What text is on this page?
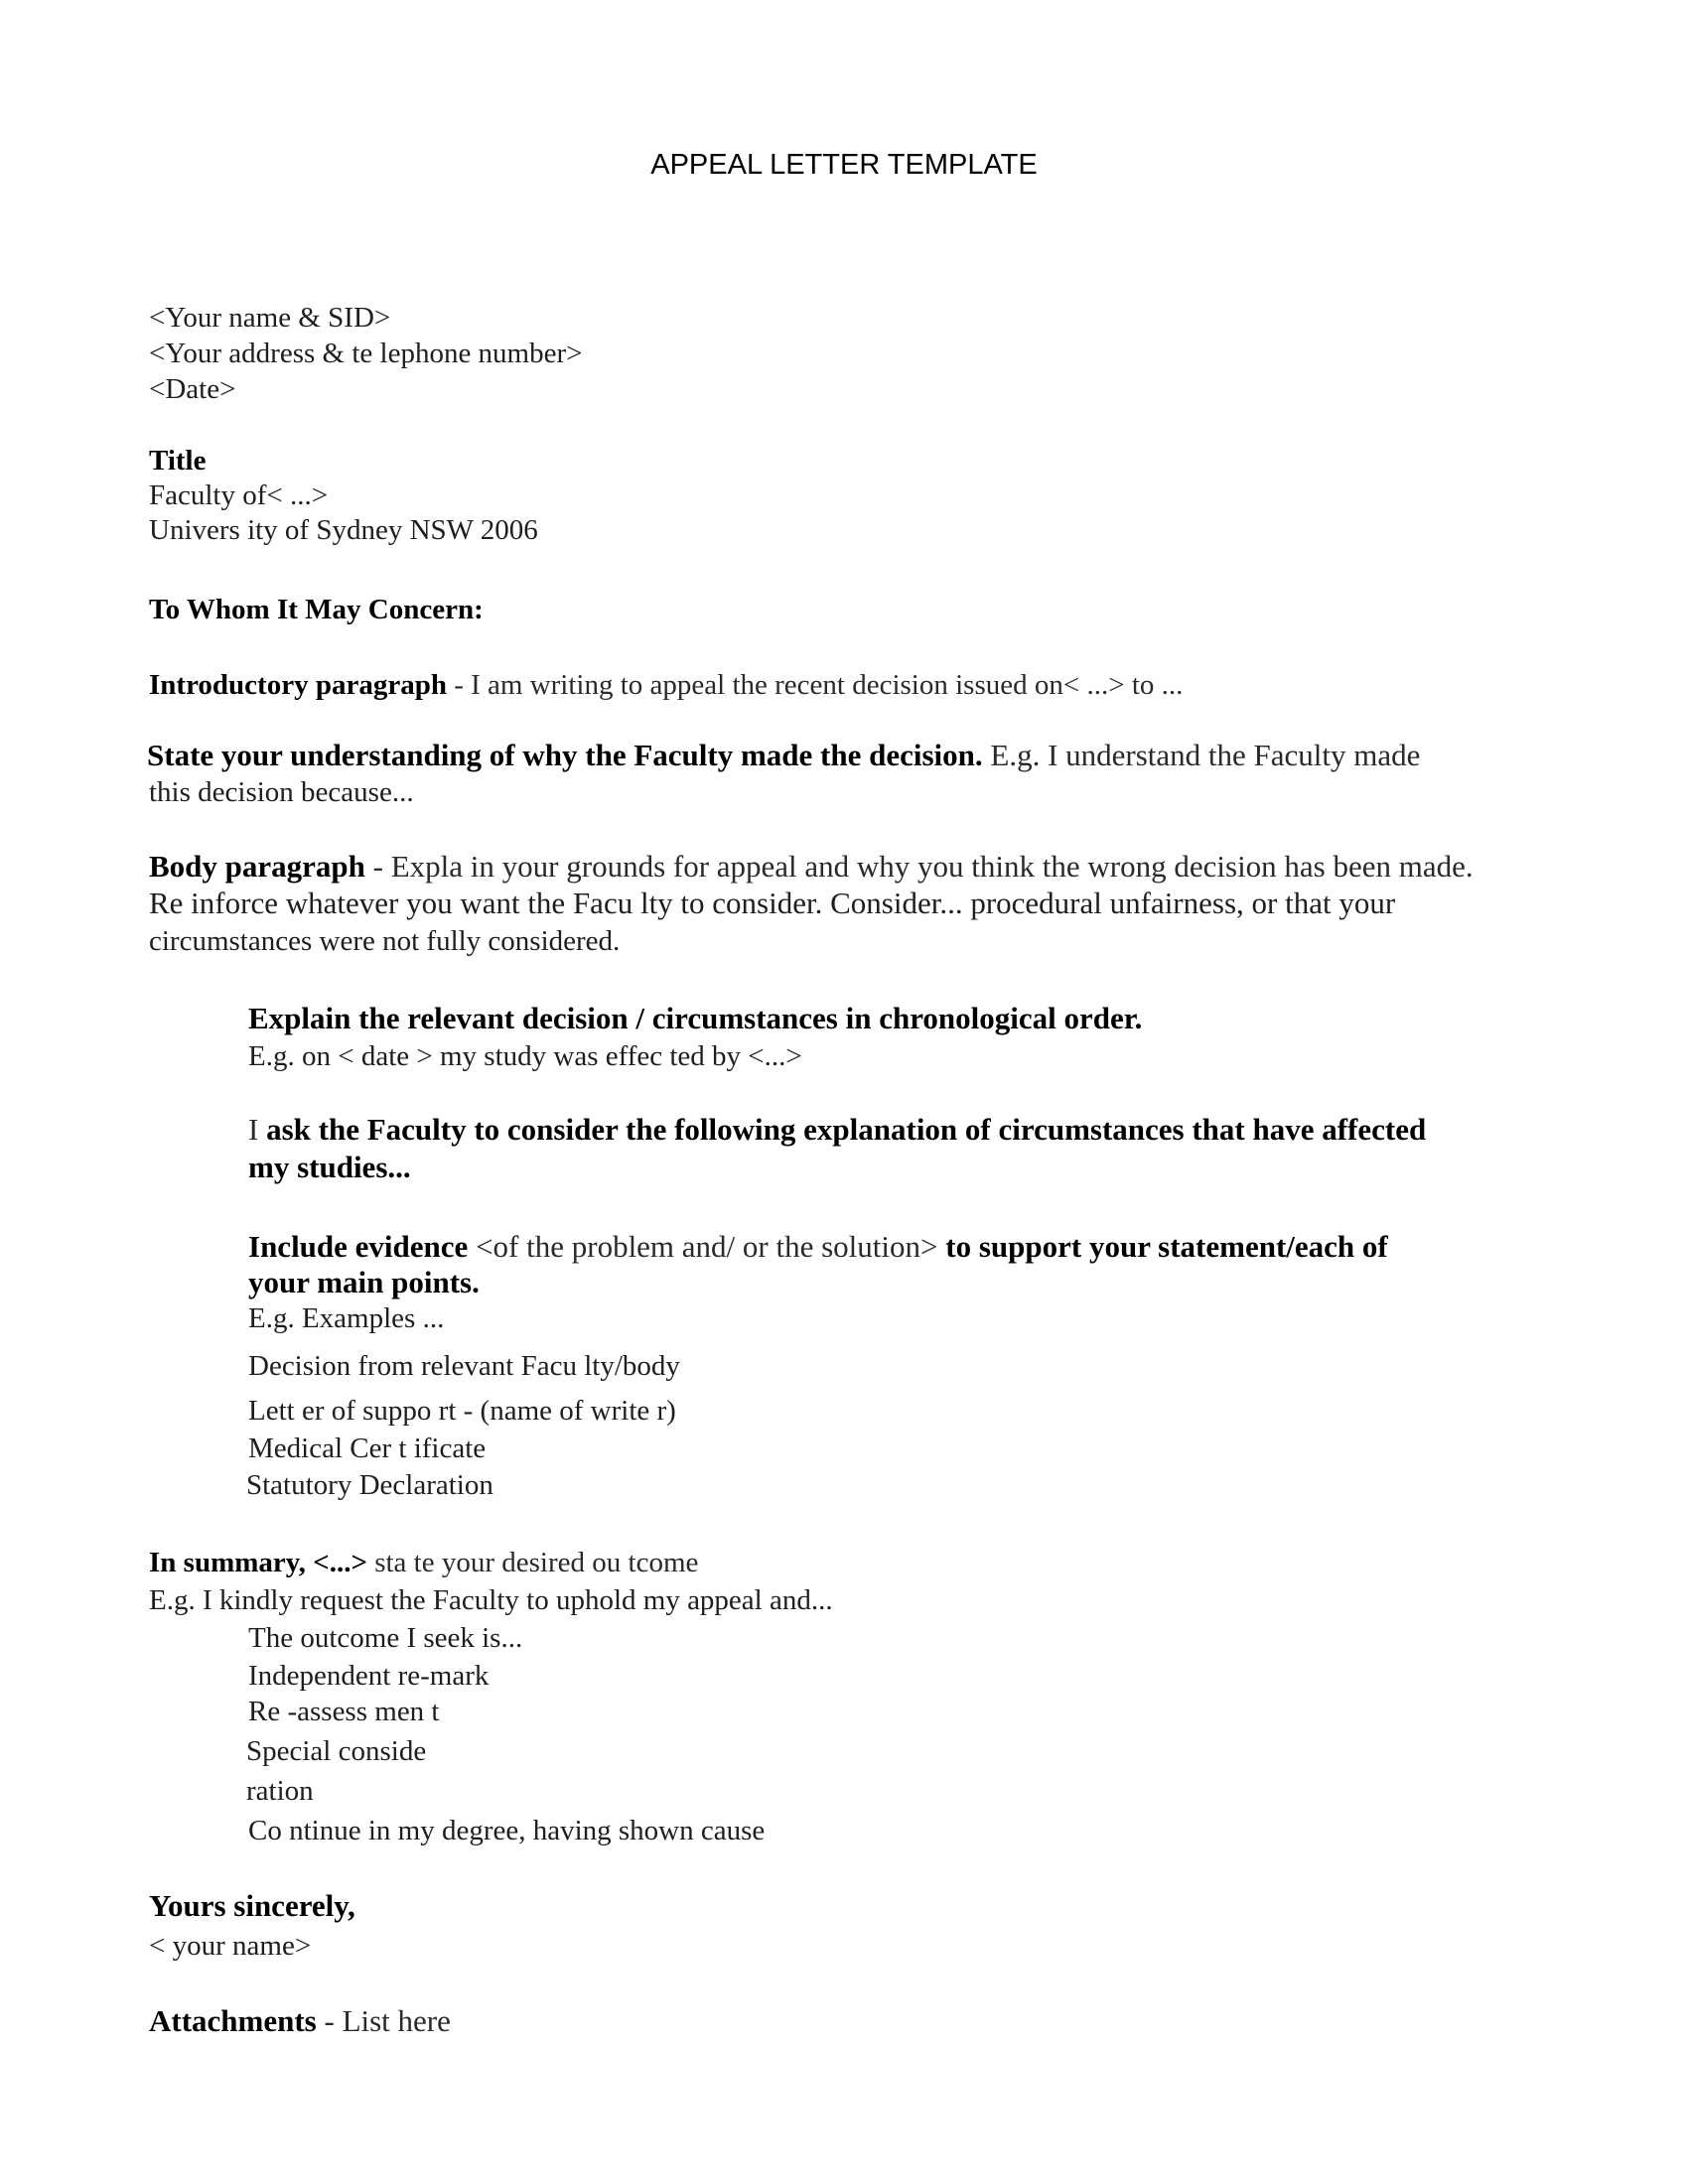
APPEAL LETTER TEMPLATE
<Your name & SID>
<Your address & te lephone number>
<Date>
Title
Faculty of< ...>
Univers ity of Sydney NSW 2006
To Whom It May Concern:
Introductory paragraph - I am writing to appeal the recent decision issued on< ...> to ...
State your understanding of why the Faculty made the decision. E.g. I understand the Faculty made
this decision because...
Body paragraph - Expla in your grounds for appeal and why you think the wrong decision has been made.
Re inforce whatever you want the Facu lty to consider. Consider... procedural unfairness, or that your
circumstances were not fully considered.
Explain the relevant decision / circumstances in chronological order.
E.g. on < date > my study was effec ted by <...>
I ask the Faculty to consider the following explanation of circumstances that have affected
my studies...
Include evidence <of the problem and/ or the solution> to support your statement/each of
your main points.
E.g. Examples ...
Decision from relevant Facu lty/body
Lett er of suppo rt - (name of write r)
Medical Cer t ificate
Statutory Declaration
In summary, <...> sta te your desired ou tcome
E.g. I kindly request the Faculty to uphold my appeal and...
The outcome I seek is...
Independent re-mark
Re -assess men t
Special conside
ration
Co ntinue in my degree, having shown cause
Yours sincerely,
< your name>
Attachments - List here
